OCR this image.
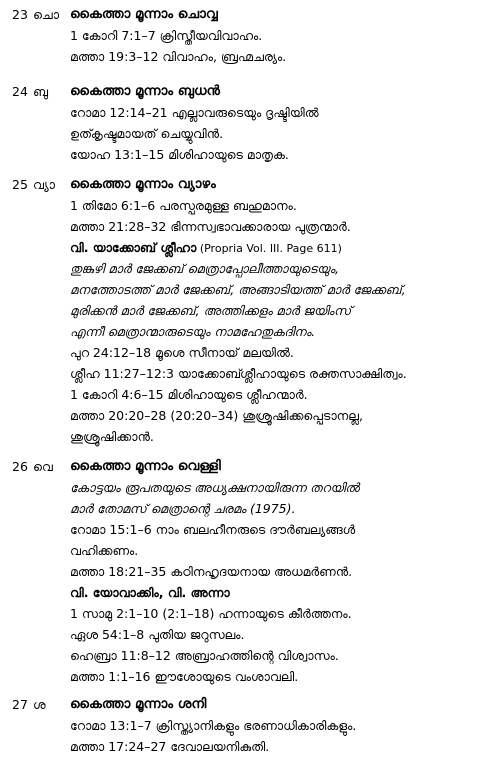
23 ചൊ കൈത്താ മൂന്നാം ചൊവ്വ
1 കോറി 7:1–7 ക്രിസ്തീയവിവാഹം.
മത്താ 19:3–12 വിവാഹം, ബ്രഹ്മചര്യം.
24 ബു കൈത്താ മൂന്നാം ബുധൻ
റോമാ 12:14–21 എല്ലാവരുടെയും ദൃഷ്ടിയിൽ
ഉത്കൃഷ്ടമായത് ചെയ്യുവിൻ.
യോഹ 13:1–15 മിശിഹായുടെ മാതൃക.
25 വ്യാ കൈത്താ മൂന്നാം വ്യാഴം
1 തിമോ 6:1–6 പരസ്പരമുള്ള ബഹുമാനം.
മത്താ 21:28–32 ഭിന്നസ്വഭാവക്കാരായ പുത്രന്മാർ.
വി. യാക്കോബ് ശ്ലീഹാ (Propria Vol. III. Page 611)
തുങ്കുഴി മാർ ജേക്കബ് മെത്രാപ്പോലീത്തായുടെയും,
മനത്തോടത്ത് മാർ ജേക്കബ്, അങ്ങാടിയത്ത് മാർ ജേക്കബ്,
മുരിക്കൻ മാർ ജേക്കബ്, അത്തിക്കളം മാർ ജയിംസ്
എന്നീ മെത്രാന്മാരുടെയും നാമഹേതുകദിനം.
പുറ 24:12–18 മൂശെ സീനായ് മലയിൽ.
ശ്ലീഹ 11:27–12:3 യാക്കോബ്ശ്ലീഹായുടെ രക്തസാക്ഷിത്വം.
1 കോറി 4:6–15 മിശിഹായുടെ ശ്ലീഹന്മാർ.
മത്താ 20:20–28 (20:20–34) ശുശ്രൂഷിക്കപ്പെടാനല്ല,
ശുശ്രൂഷിക്കാൻ.
26 വെ കൈത്താ മൂന്നാം വെള്ളി
കോട്ടയം രൂപതയുടെ അധ്യക്ഷനായിരുന്ന തറയിൽ
മാർ തോമസ് മെത്രാന്റെ ചരമം (1975).
റോമാ 15:1–6 നാം ബലഹീനരുടെ ദൗർബല്യങ്ങൾ
വഹിക്കണം.
മത്താ 18:21–35 കഠിനഹൃദയനായ അധമർണൻ.
വി. യോവാക്കിം, വി. അന്നാ
1 സാമു 2:1–10 (2:1–18) ഹന്നായുടെ കീർത്തനം.
ഏശ 54:1–8 പുതിയ ജറുസലം.
ഹെബ്രാ 11:8–12 അബ്രാഹത്തിന്റെ വിശ്വാസം.
മത്താ 1:1–16 ഈശോയുടെ വംശാവലി.
27 ശ കൈത്താ മൂന്നാം ശനി
റോമാ 13:1–7 ക്രിസ്ത്യാനികളും ഭരണാധികാരികളും.
മത്താ 17:24–27 ദേവാലയനികുതി.
